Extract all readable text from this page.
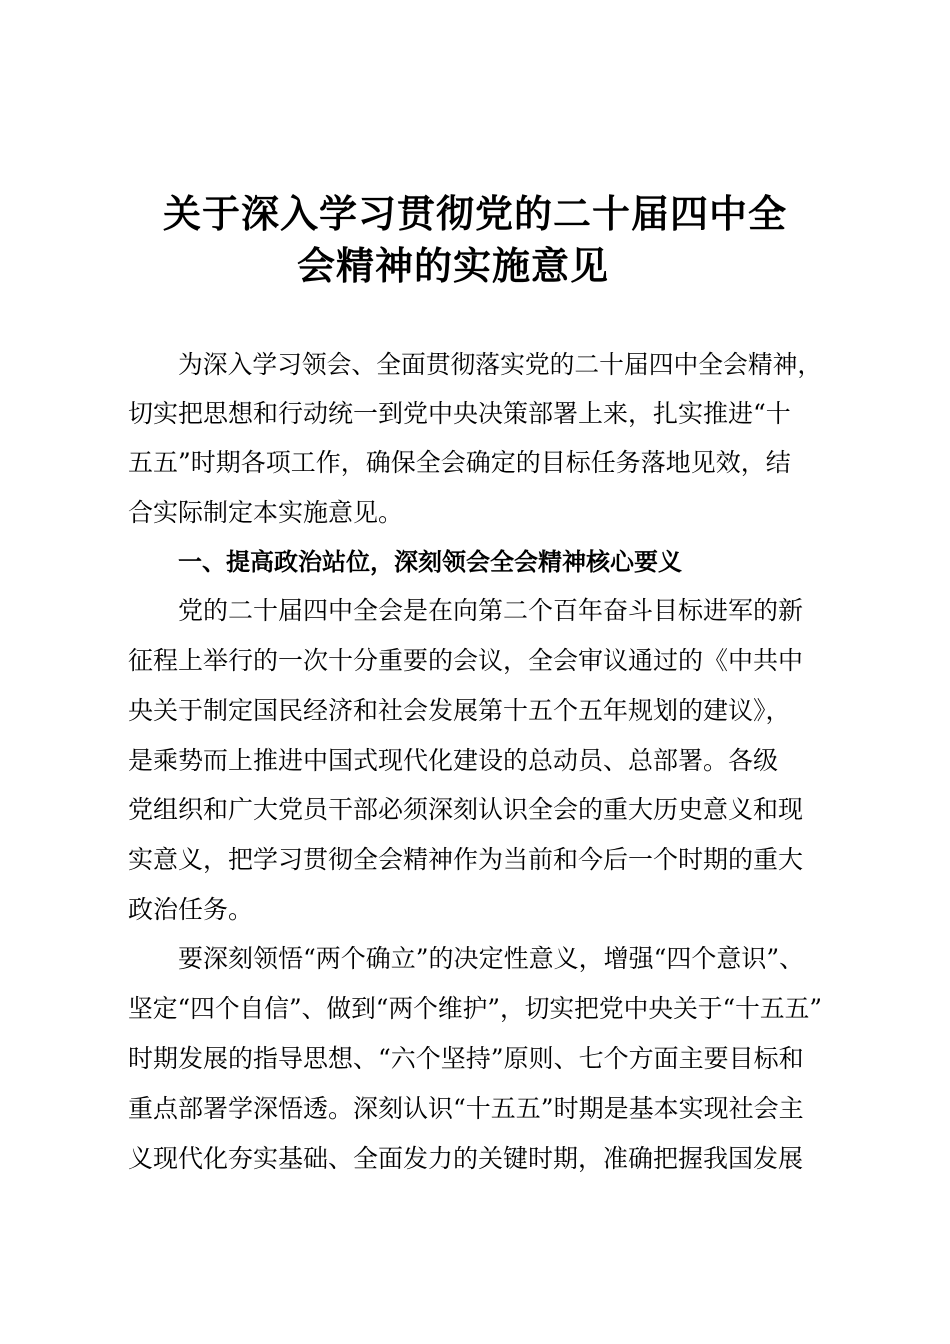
关于深入学习贯彻党的二十届四中全
会精神的实施意见
为深入学习领会、全面贯彻落实党的二十届四中全会精神，
切实把思想和行动统一到党中央决策部署上来，扎实推进“十
五五”时期各项工作，确保全会确定的目标任务落地见效，结
合实际制定本实施意见。
一、提高政治站位，深刻领会全会精神核心要义
党的二十届四中全会是在向第二个百年奋斗目标进军的新
征程上举行的一次十分重要的会议，全会审议通过的《中共中
央关于制定国民经济和社会发展第十五个五年规划的建议》，
是乘势而上推进中国式现代化建设的总动员、总部署。各级
党组织和广大党员干部必须深刻认识全会的重大历史意义和现
实意义，把学习贯彻全会精神作为当前和今后一个时期的重大
政治任务。
要深刻领悟“两个确立”的决定性意义，增强“四个意识”、
坚定“四个自信”、做到“两个维护”，切实把党中央关于“十五五”
时期发展的指导思想、“六个坚持”原则、七个方面主要目标和
重点部署学深悟透。深刻认识“十五五”时期是基本实现社会主
义现代化夯实基础、全面发力的关键时期，准确把握我国发展
